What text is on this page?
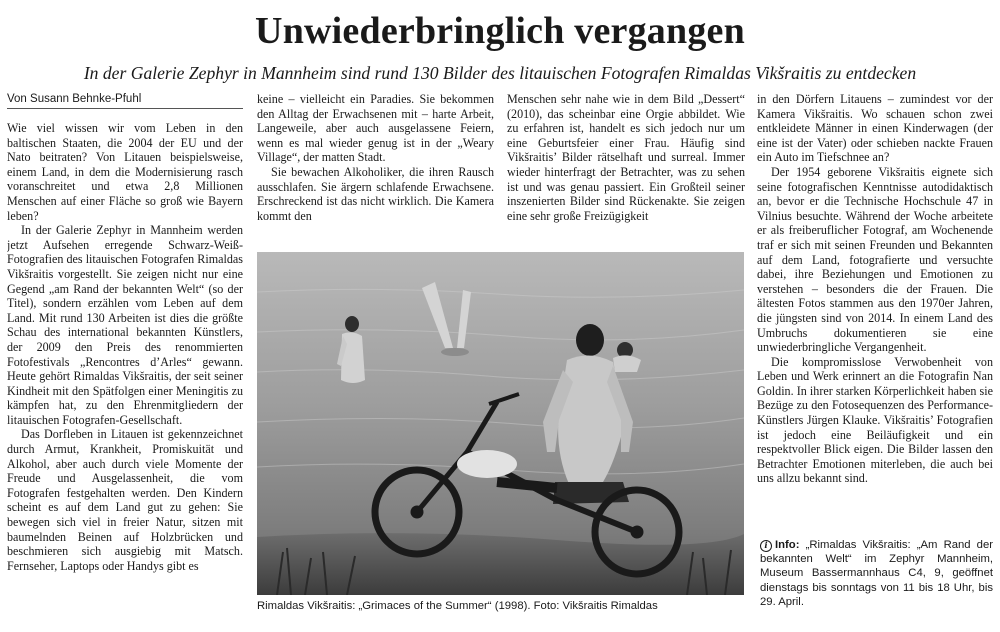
Unwiederbringlich vergangen
In der Galerie Zephyr in Mannheim sind rund 130 Bilder des litauischen Fotografen Rimaldas Vikšraitis zu entdecken
Von Susann Behnke-Pfuhl

Wie viel wissen wir vom Leben in den baltischen Staaten, die 2004 der EU und der Nato beitraten? Von Litauen beispielsweise, einem Land, in dem die Modernisierung rasch voranschreitet und etwa 2,8 Millionen Menschen auf einer Fläche so groß wie Bayern leben?

In der Galerie Zephyr in Mannheim werden jetzt Aufsehen erregende Schwarz-Weiß-Fotografien des litauischen Fotografen Rimaldas Vikšraitis vorgestellt. Sie zeigen nicht nur eine Gegend „am Rand der bekannten Welt“ (so der Titel), sondern erzählen vom Leben auf dem Land. Mit rund 130 Arbeiten ist dies die größte Schau des international bekannten Künstlers, der 2009 den Preis des renommierten Fotofestivals „Rencontres d’Arles“ gewann. Heute gehört Rimaldas Vikšraitis, der seit seiner Kindheit mit den Spätfolgen einer Meningitis zu kämpfen hat, zu den Ehrenmitgliedern der litauischen Fotografen-Gesellschaft.

Das Dorfleben in Litauen ist gekennzeichnet durch Armut, Krankheit, Promiskuität und Alkohol, aber auch durch viele Momente der Freude und Ausgelassenheit, die vom Fotografen festgehalten werden. Den Kindern scheint es auf dem Land gut zu gehen: Sie bewegen sich viel in freier Natur, sitzen mit baumelnden Beinen auf Holzbrücken und beschmieren sich ausgiebig mit Matsch. Fernseher, Laptops oder Handys gibt es

keine – vielleicht ein Paradies. Sie bekommen den Alltag der Erwachsenen mit – harte Arbeit, Langeweile, aber auch ausgelassene Feiern, wenn es mal wieder genug ist in der „Weary Village“, der matten Stadt.

Sie bewachen Alkoholiker, die ihren Rausch ausschlafen. Sie ärgern schlafende Erwachsene. Erschreckend ist das nicht wirklich. Die Kamera kommt den

Menschen sehr nahe wie in dem Bild „Dessert“ (2010), das scheinbar eine Orgie abbildet. Wie zu erfahren ist, handelt es sich jedoch nur um eine Geburtsfeier einer Frau. Häufig sind Vikšraitis’ Bilder rätselhaft und surreal. Immer wieder hinterfragt der Betrachter, was zu sehen ist und was genau passiert. Ein Großteil seiner inszenierten Bilder sind Rückenakte. Sie zeigen eine sehr große Freizügigkeit

in den Dörfern Litauens – zumindest vor der Kamera Vikšraitis. Wo schauen schon zwei entkleidete Männer in einen Kinderwagen (der eine ist der Vater) oder schieben nackte Frauen ein Auto im Tiefschnee an?

Der 1954 geborene Vikšraitis eignete sich seine fotografischen Kenntnisse autodidaktisch an, bevor er die Technische Hochschule 47 in Vilnius besuchte. Während der Woche arbeitete er als freiberuflicher Fotograf, am Wochenende traf er sich mit seinen Freunden und Bekannten auf dem Land, fotografierte und versuchte dabei, ihre Beziehungen und Emotionen zu verstehen – besonders die der Frauen. Die ältesten Fotos stammen aus den 1970er Jahren, die jüngsten sind von 2014. In einem Land des Umbruchs dokumentieren sie eine unwiederbringliche Vergangenheit.

Die kompromisslose Verwobenheit von Leben und Werk erinnert an die Fotografin Nan Goldin. In ihrer starken Körperlichkeit haben sie Bezüge zu den Fotosequenzen des Performance-Künstlers Jürgen Klauke. Vikšraitis’ Fotografien ist jedoch eine Beiläufigkeit und ein respektvoller Blick eigen. Die Bilder lassen den Betrachter Emotionen miterleben, die auch bei uns allzu bekannt sind.

Rimaldas Vikšraitis: „Grimaces of the Summer“ (1998). Foto: Vikšraitis Rimaldas
i Info: „Rimaldas Vikšraitis: „Am Rand der bekannten Welt“ im Zephyr Mannheim, Museum Bassermannhaus C4, 9, geöffnet dienstags bis sonntags von 11 bis 18 Uhr, bis 29. April.
